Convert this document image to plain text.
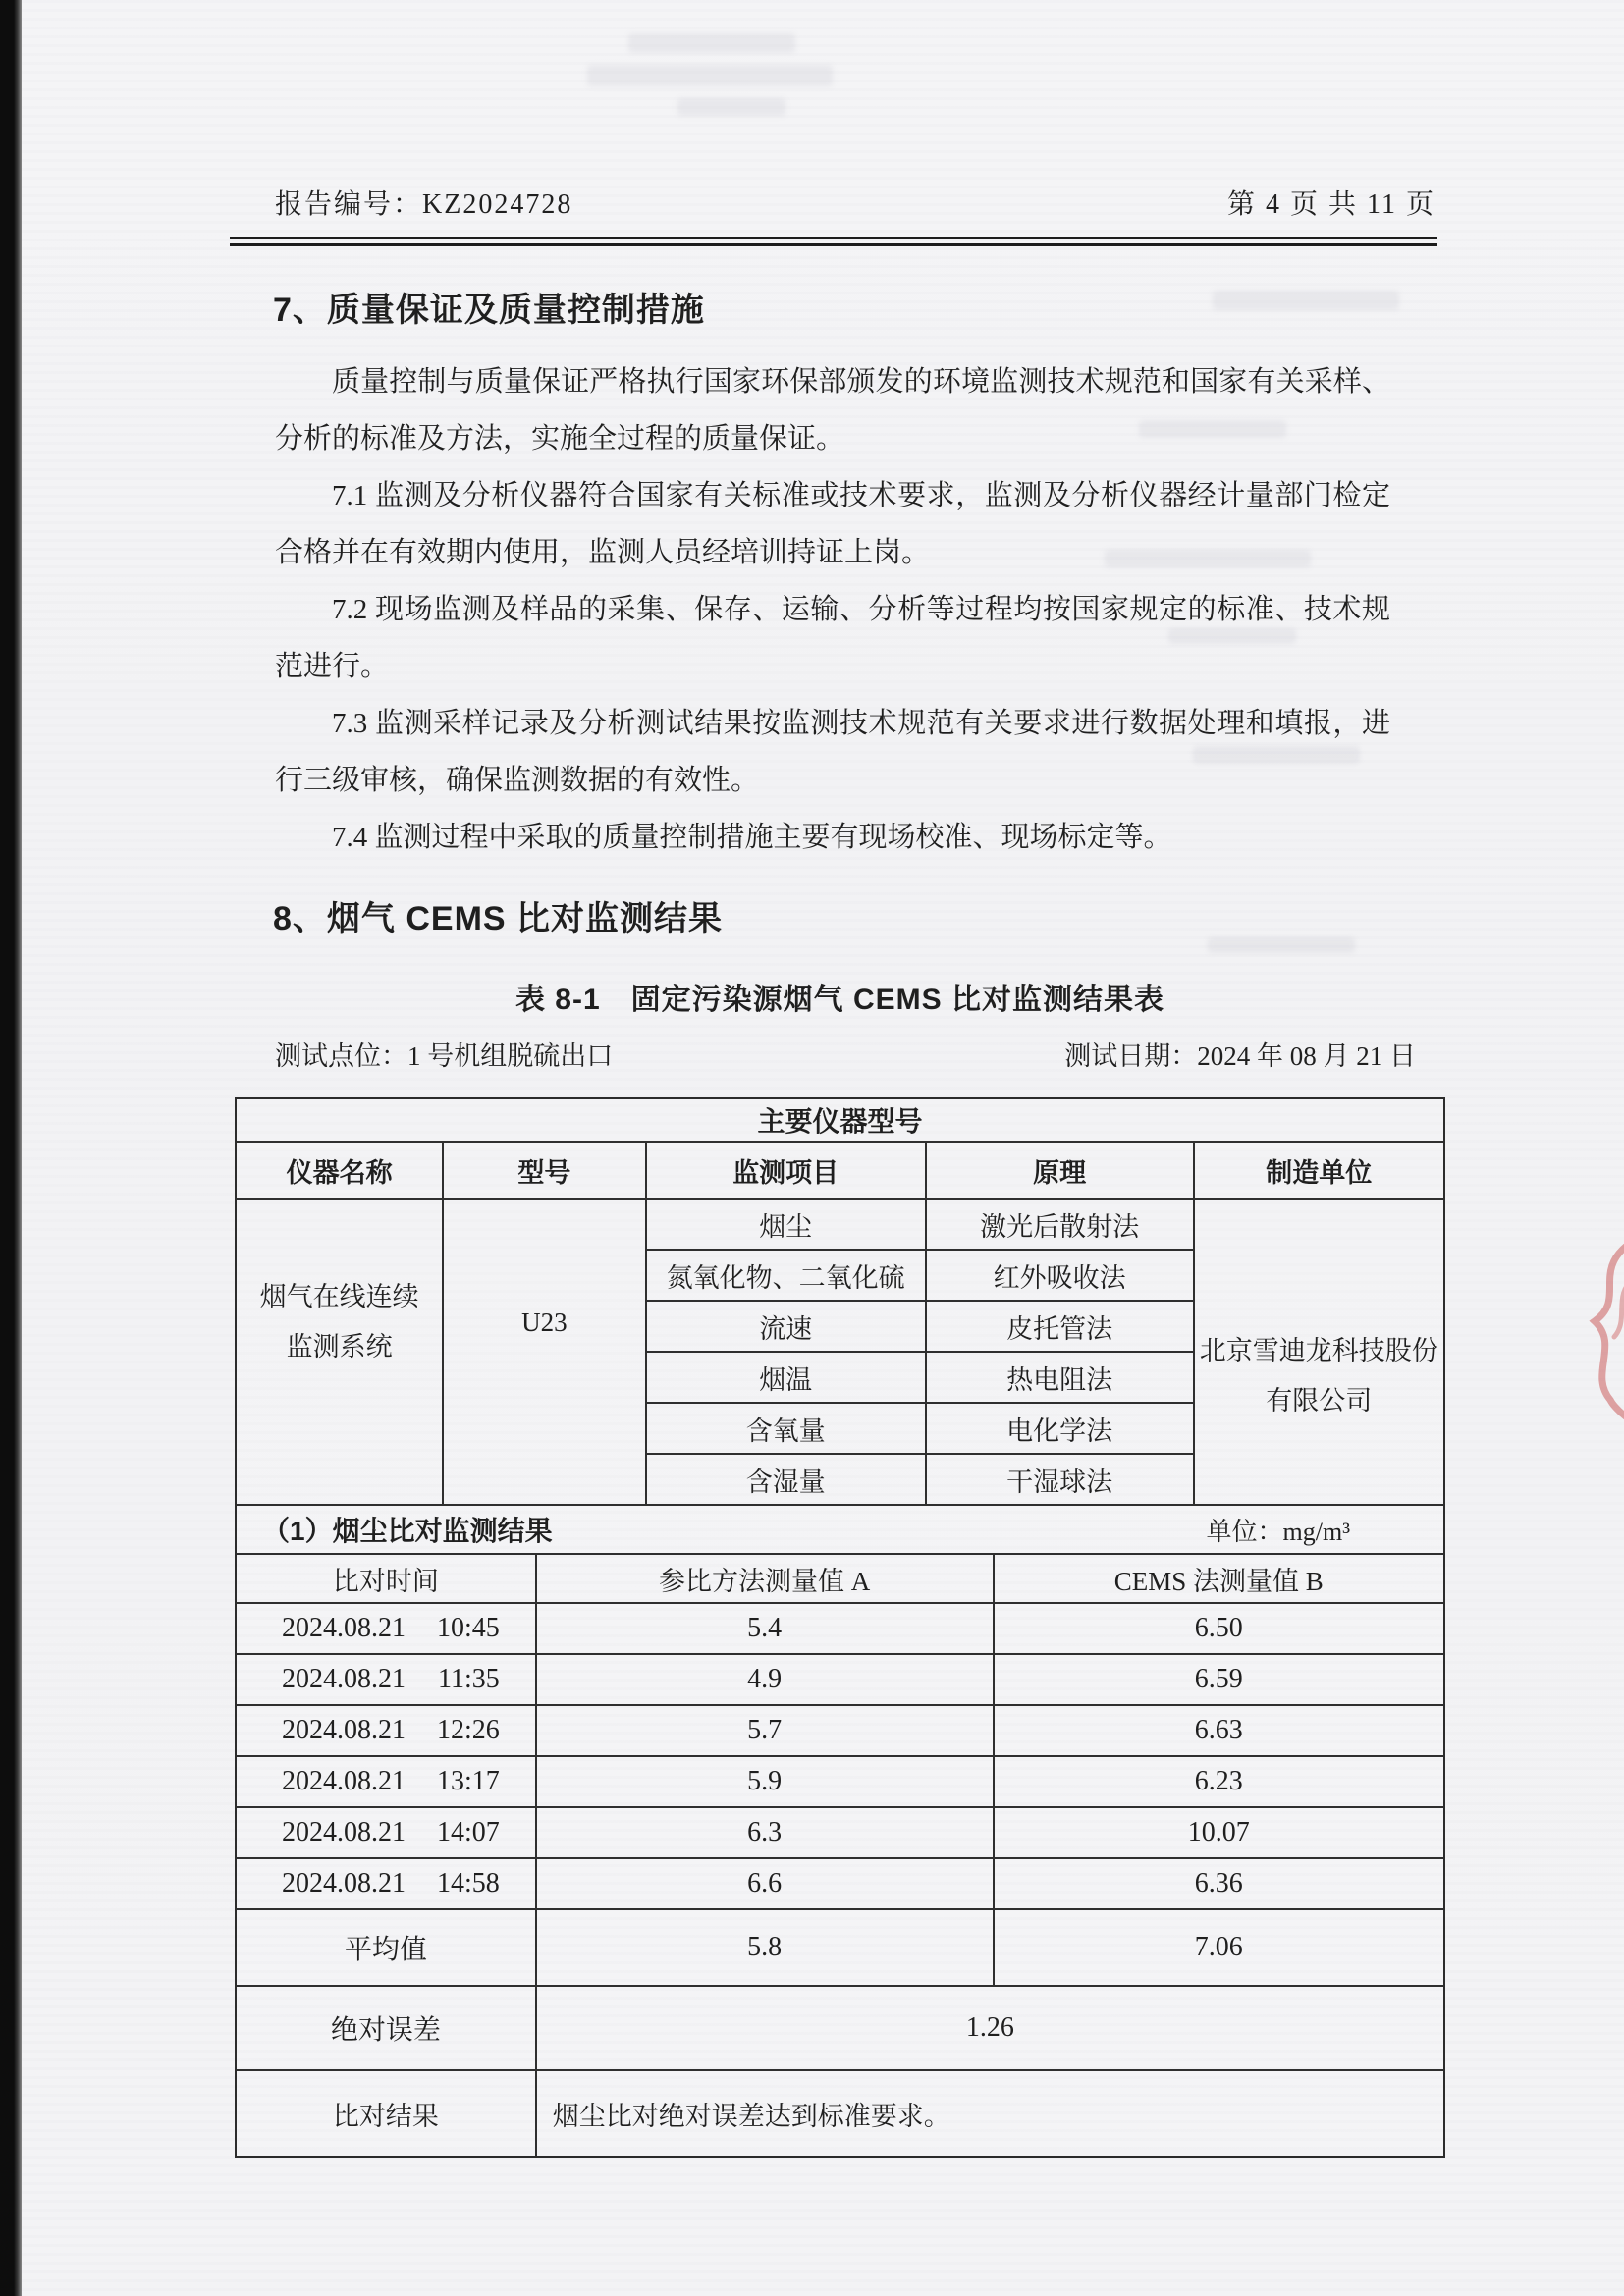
报告编号：KZ2024728	第 4 页 共 11 页
7、质量保证及质量控制措施

质量控制与质量保证严格执行国家环保部颁发的环境监测技术规范和国家有关采样、分析的标准及方法，实施全过程的质量保证。

7.1 监测及分析仪器符合国家有关标准或技术要求，监测及分析仪器经计量部门检定合格并在有效期内使用，监测人员经培训持证上岗。

7.2 现场监测及样品的采集、保存、运输、分析等过程均按国家规定的标准、技术规范进行。

7.3 监测采样记录及分析测试结果按监测技术规范有关要求进行数据处理和填报，进行三级审核，确保监测数据的有效性。

7.4 监测过程中采取的质量控制措施主要有现场校准、现场标定等。

8、烟气 CEMS 比对监测结果
表 8-1　固定污染源烟气 CEMS 比对监测结果表
测试点位：1 号机组脱硫出口	测试日期：2024 年 08 月 21 日
主要仪器型号				
仪器名称	型号	监测项目	原理	制造单位
烟气在线连续监测系统	U23	烟尘	激光后散射法	北京雪迪龙科技股份有限公司
		氮氧化物、二氧化硫	红外吸收法	
		流速	皮托管法	
		烟温	热电阻法	
		含氧量	电化学法	
		含湿量	干湿球法	
（1）烟尘比对监测结果	单位：mg/m³
比对时间	参比方法测量值 A	CEMS 法测量值 B

2024.08.21 10:45	5.4	6.50

2024.08.21 11:35	4.9	6.59

2024.08.21 12:26	5.7	6.63

2024.08.21 13:17	5.9	6.23

2024.08.21 14:07	6.3	10.07

2024.08.21 14:58	6.6	6.36
平均值	5.8	7.06
绝对误差	1.26	
比对结果	烟尘比对绝对误差达到标准要求。	
